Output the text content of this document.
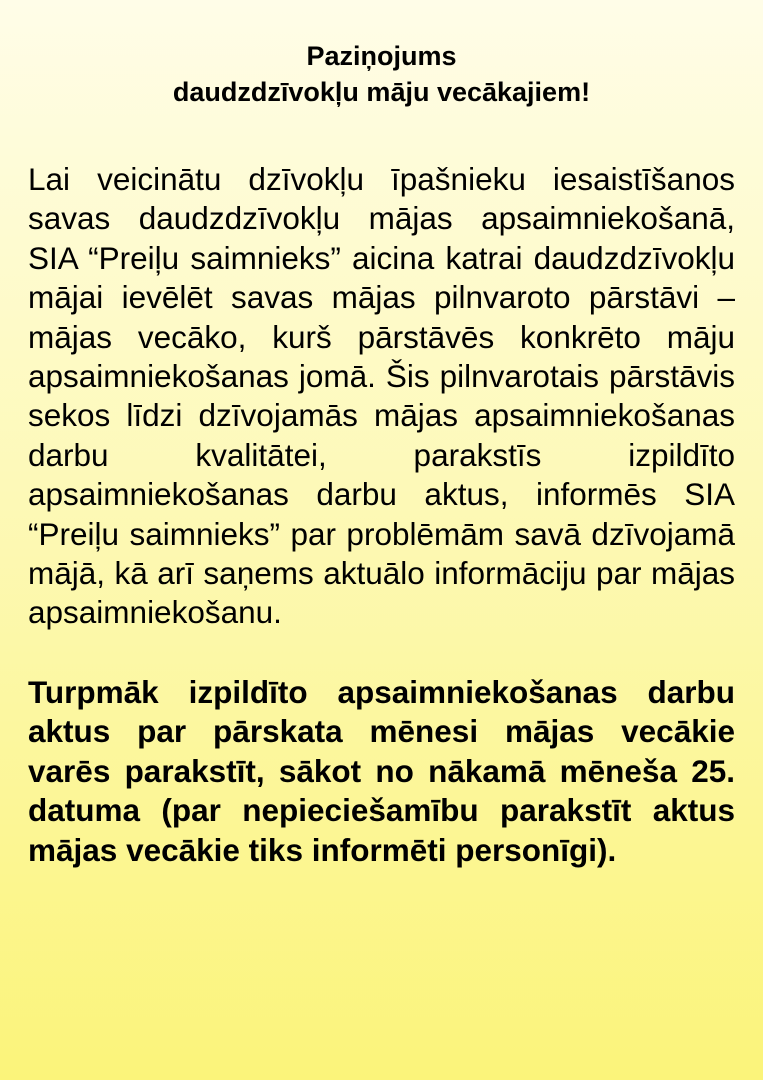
Paziņojums
daudzdzīvokļu māju vecākajiem!

Lai veicinātu dzīvokļu īpašnieku iesaistīšanos savas daudzdzīvokļu mājas apsaimniekošanā, SIA “Preiļu saimnieks” aicina katrai daudzdzīvokļu mājai ievēlēt savas mājas pilnvaroto pārstāvi – mājas vecāko, kurš pārstāvēs konkrēto māju apsaimniekošanas jomā. Šis pilnvarotais pārstāvis sekos līdzi dzīvojamās mājas apsaimniekošanas darbu kvalitātei, parakstīs izpildīto apsaimniekošanas darbu aktus, informēs SIA “Preiļu saimnieks” par problēmām savā dzīvojamā mājā, kā arī saņems aktuālo informāciju par mājas apsaimniekošanu.

Turpmāk izpildīto apsaimniekošanas darbu aktus par pārskata mēnesi mājas vecākie varēs parakstīt, sākot no nākamā mēneša 25. datuma (par nepieciešamību parakstīt aktus mājas vecākie tiks informēti personīgi).
